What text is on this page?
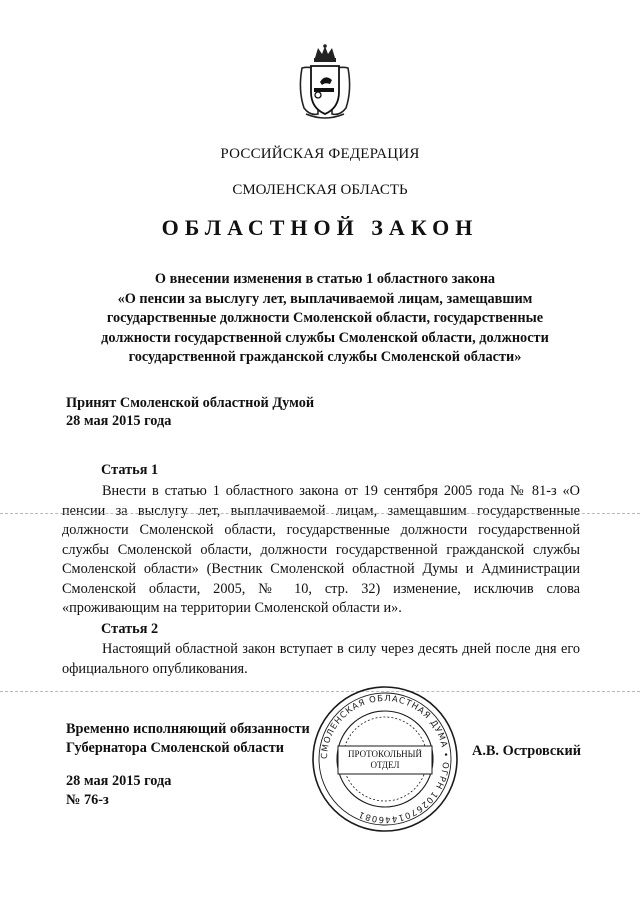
РОССИЙСКАЯ ФЕДЕРАЦИЯ
СМОЛЕНСКАЯ ОБЛАСТЬ
ОБЛАСТНОЙ ЗАКОН
О внесении изменения в статью 1 областного закона
«О пенсии за выслугу лет, выплачиваемой лицам, замещавшим
государственные должности Смоленской области, государственные
должности государственной службы Смоленской области, должности
государственной гражданской службы Смоленской области»
Принят Смоленской областной Думой
28 мая 2015 года
Статья 1

Внести в статью 1 областного закона от 19 сентября 2005 года № 81-з «О пенсии за выслугу лет, выплачиваемой лицам, замещавшим государственные должности Смоленской области, государственные должности государственной службы Смоленской области, должности государственной гражданской службы Смоленской области» (Вестник Смоленской областной Думы и Администрации Смоленской области, 2005, № 10, стр. 32) изменение, исключив слова «проживающим на территории Смоленской области и».

Статья 2

Настоящий областной закон вступает в силу через десять дней после дня его официального опубликования.

Временно исполняющий обязанности
Губернатора Смоленской области	А.В. Островский
СМОЛЕНСКАЯ ОБЛАСТНАЯ ДУМА • ОГРН 1026701446081
ПРОТОКОЛЬНЫЙ
ОТДЕЛ
28 мая 2015 года
№ 76-з
